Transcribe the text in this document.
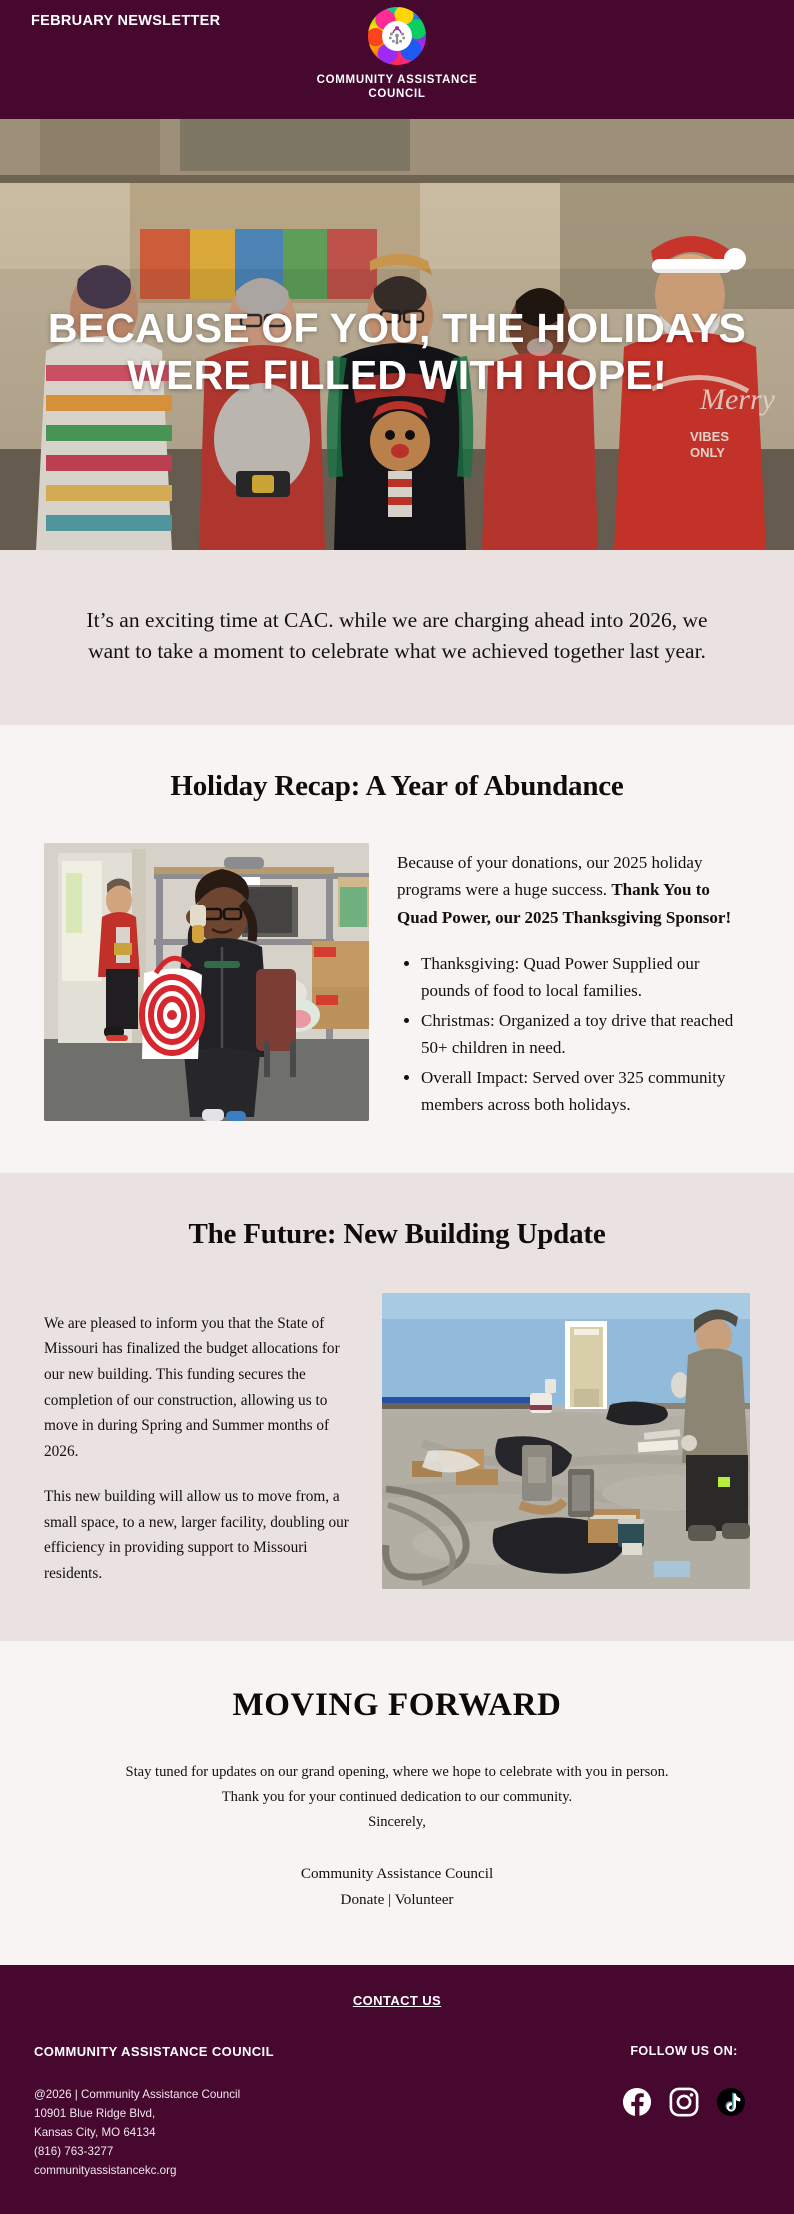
FEBRUARY NEWSLETTER
COMMUNITY ASSISTANCE
COUNCIL
Merry
VIBES
ONLY
BECAUSE OF YOU, THE HOLIDAYS WERE FILLED WITH HOPE!

It’s an exciting time at CAC. while we are charging ahead into 2026, we want to take a moment to celebrate what we achieved together last year.

Holiday Recap: A Year of Abundance

Because of your donations, our 2025 holiday programs were a huge success. Thank You to Quad Power, our 2025 Thanksgiving Sponsor!

• Thanksgiving: Quad Power Supplied our pounds of food to local families.
• Christmas: Organized a toy drive that reached 50+ children in need.
• Overall Impact: Served over 325 community members across both holidays.
The Future: New Building Update

We are pleased to inform you that the State of Missouri has finalized the budget allocations for our new building. This funding secures the completion of our construction, allowing us to move in during Spring and Summer months of 2026.

This new building will allow us to move from, a small space, to a new, larger facility, doubling our efficiency in providing support to Missouri residents.

MOVING FORWARD
Stay tuned for updates on our grand opening, where we hope to celebrate with you in person.
Thank you for your continued dedication to our community.
Sincerely,
Community Assistance Council
Donate | Volunteer
CONTACT US
COMMUNITY ASSISTANCE COUNCIL
@2026 | Community Assistance Council
10901 Blue Ridge Blvd,
Kansas City, MO 64134
(816) 763-3277
communityassistancekc.org
FOLLOW US ON:
